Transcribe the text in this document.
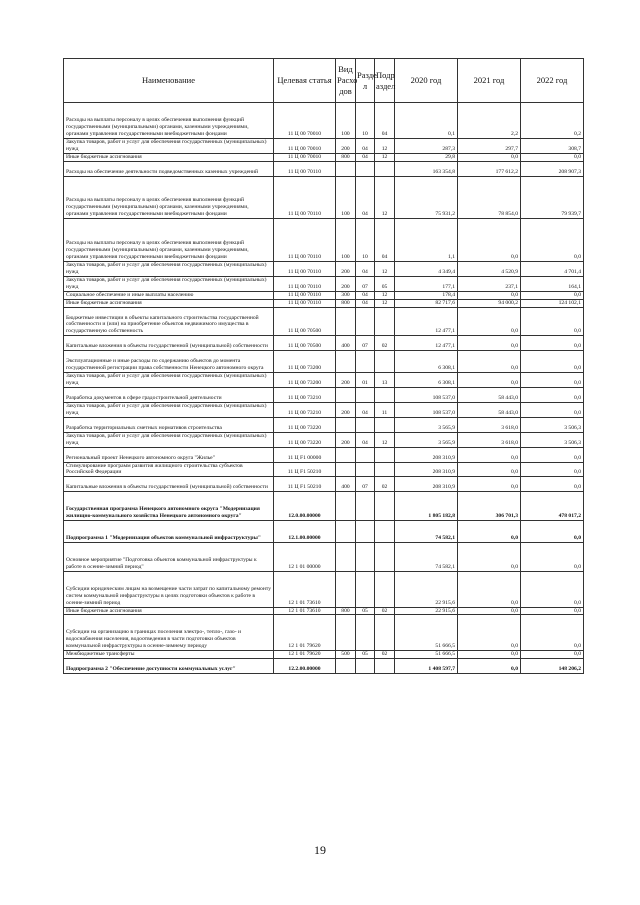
Наименование	Целевая статья	Вид Расхо дов	Разде л	Подр аздел	2020 год	2021 год	2022 год
Расходы на выплаты персоналу в целях обеспечения выполнения функций государственными (муниципальными) органами, казенными учреждениями, органами управления государственными внебюджетными фондами	11 Ц 00 70010	100	10	04	0,1	2,2	0,2
Закупка товаров, работ и услуг для обеспечения государственных (муниципальных) нужд	11 Ц 00 70010	200	04	12	287,3	297,7	308,7
Иные бюджетные ассигнования	11 Ц 00 70010	800	04	12	29,8	0,0	0,0
Расходы на обеспечение деятельности подведомственных казенных учреждений	11 Ц 00 70110				163 354,8	177 612,2	208 907,3
Расходы на выплаты персоналу в целях обеспечения выполнения функций государственными (муниципальными) органами, казенными учреждениями, органами управления государственными внебюджетными фондами	11 Ц 00 70110	100	04	12	75 931,2	78 854,0	79 939,7
Расходы на выплаты персоналу в целях обеспечения выполнения функций государственными (муниципальными) органами, казенными учреждениями, органами управления государственными внебюджетными фондами	11 Ц 00 70110	100	10	04	1,1	0,0	0,0
Закупка товаров, работ и услуг для обеспечения государственных (муниципальных) нужд	11 Ц 00 70110	200	04	12	4 349,4	4 520,9	4 701,4
Закупка товаров, работ и услуг для обеспечения государственных (муниципальных) нужд	11 Ц 00 70110	200	07	05	177,1	237,1	164,1
Социальное обеспечение и иные выплаты населению	11 Ц 00 70110	300	04	12	178,4	0,0	0,0
Иные бюджетные ассигнования	11 Ц 00 70110	800	04	12	82 717,6	94 000,2	124 102,1
Бюджетные инвестиции в объекты капитального строительства государственной собственности и (или) на приобретение объектов недвижимого имущества в государственную собственность	11 Ц 00 70500				12 477,1	0,0	0,0
Капитальные вложения в объекты государственной (муниципальной) собственности	11 Ц 00 70500	400	07	02	12 477,1	0,0	0,0
Эксплуатационные и иные расходы по содержанию объектов до момента государственной регистрации права собственности Ненецкого автономного округа	11 Ц 00 73200				6 308,1	0,0	0,0
Закупка товаров, работ и услуг для обеспечения государственных (муниципальных) нужд	11 Ц 00 73200	200	01	13	6 308,1	0,0	0,0
Разработка документов в сфере градостроительной деятельности	11 Ц 00 73210				108 537,0	58 443,0	0,0
Закупка товаров, работ и услуг для обеспечения государственных (муниципальных) нужд	11 Ц 00 73210	200	04	11	108 537,0	58 443,0	0,0
Разработка территориальных сметных нормативов строительства	11 Ц 00 73220				3 565,9	3 618,0	3 506,3
Закупка товаров, работ и услуг для обеспечения государственных (муниципальных) нужд	11 Ц 00 73220	200	04	12	3 565,9	3 618,0	3 506,3
Региональный проект Ненецкого автономного округа "Жилье"	11 Ц F1 00000				208 310,9	0,0	0,0
Стимулирование программ развития жилищного строительства субъектов Российской Федерации	11 Ц F1 50210				208 310,9	0,0	0,0
Капитальные вложения в объекты государственной (муниципальной) собственности	11 Ц F1 50210	400	07	02	208 310,9	0,0	0,0
Государственная программа Ненецкого автономного округа "Модернизация жилищно-коммунального хозяйства Ненецкого автономного округа"	12.0.00.00000				1 805 182,8	306 701,3	478 017,2
Подпрограмма 1 "Модернизация объектов коммунальной инфраструктуры"	12.1.00.00000				74 582,1	0,0	0,0
Основное мероприятие "Подготовка объектов коммунальной инфраструктуры к работе в осенне-зимний период"	12 1 01 00000				74 582,1	0,0	0,0
Субсидии юридическим лицам на возмещение части затрат по капитальному ремонту систем коммунальной инфраструктуры в целях подготовки объектов к работе в осенне-зимний период	12 1 01 73610				22 915,6	0,0	0,0
Иные бюджетные ассигнования	12 1 01 73610	800	05	02	22 915,6	0,0	0,0
Субсидии на организацию в границах поселения электро-, тепло-, газо- и водоснабжения населения, водоотведения в части подготовки объектов коммунальной инфраструктуры в осенне-зимнему периоду	12 1 01 79620				51 666,5	0,0	0,0
Межбюджетные трансферты	12 1 01 79620	500	05	02	51 666,5	0,0	0,0
Подпрограмма 2 "Обеспечение доступности коммунальных услуг"	12.2.00.00000				1 408 597,7	0,0	148 206,2
19
